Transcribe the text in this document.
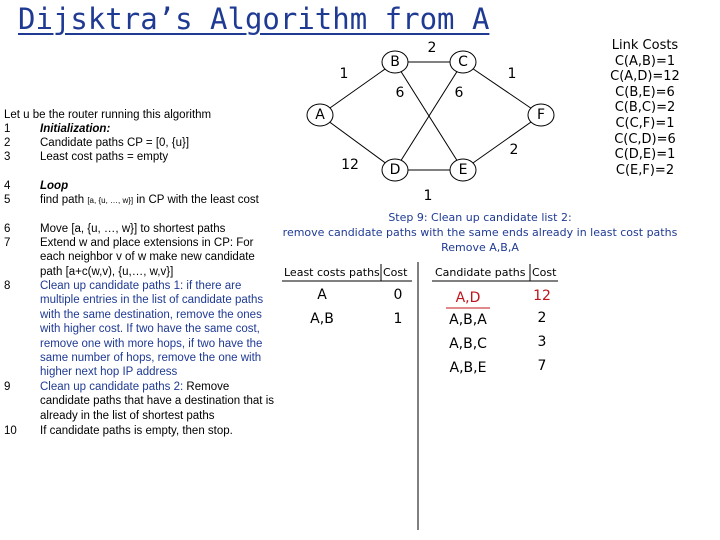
Dijsktra’s Algorithm from A
Let u be the router running this algorithm
1	Initialization:
2	Candidate paths CP = [0, {u}]
3	Least cost paths = empty
4	Loop
5	find path [a, {u, …, w}] in CP with the least cost
6	Move [a, {u, …, w}] to shortest paths
7	Extend w and place extensions in CP: For each neighbor v of w make new candidate path [a+c(w,v), {u,…, w,v}]
8	Clean up candidate paths 1: if there are multiple entries in the list of candidate paths with the same destination, remove the ones with higher cost. If two have the same cost, remove one with more hops, if two have the same number of hops, remove the one with higher next hop IP address
9	Clean up candidate paths 2: Remove candidate paths that have a destination that is already in the list of shortest paths
10 If candidate paths is empty, then stop.
B	C
A	F
D	E
1
2
1
6	6
12
1
2
Link Costs
C(A,B)=1
C(A,D)=12
C(B,E)=6
C(B,C)=2
C(C,F)=1
C(C,D)=6
C(D,E)=1
C(E,F)=2
Step 9: Clean up candidate list 2:
remove candidate paths with the same ends already in least cost paths
Remove A,B,A
Least costs paths Cost
A	0
A,B	1
Candidate paths Cost
A,D	12
A,B,A	2
A,B,C	3
A,B,E	7
